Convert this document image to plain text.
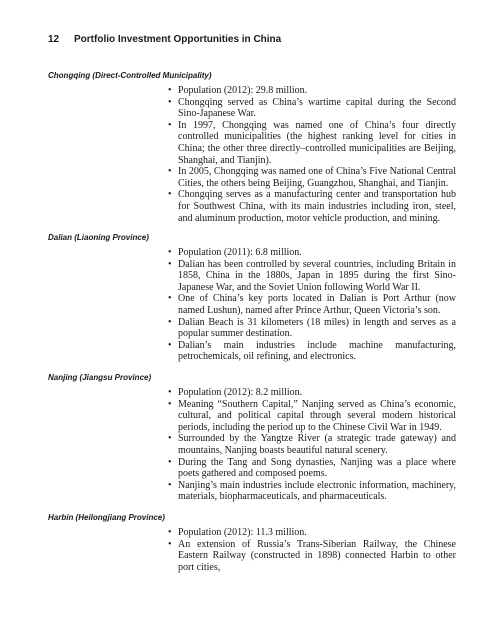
12 Portfolio Investment Opportunities in China
Chongqing (Direct-Controlled Municipality)
• Population (2012): 29.8 million.
• Chongqing served as China’s wartime capital during the Second Sino-Japanese War.
• In 1997, Chongqing was named one of China’s four directly controlled municipalities (the highest ranking level for cities in China; the other three directly–controlled municipalities are Beijing, Shanghai, and Tianjin).
• In 2005, Chongqing was named one of China’s Five National Central Cities, the others being Beijing, Guangzhou, Shanghai, and Tianjin.
• Chongqing serves as a manufacturing center and transportation hub for Southwest China, with its main industries including iron, steel, and aluminum production, motor vehicle production, and mining.
Dalian (Liaoning Province)
• Population (2011): 6.8 million.
• Dalian has been controlled by several countries, including Britain in 1858, China in the 1880s, Japan in 1895 during the first Sino-Japanese War, and the Soviet Union following World War II.
• One of China’s key ports located in Dalian is Port Arthur (now named Lushun), named after Prince Arthur, Queen Victoria’s son.
• Dalian Beach is 31 kilometers (18 miles) in length and serves as a popular summer destination.
• Dalian’s main industries include machine manufacturing, petrochemicals, oil refining, and electronics.
Nanjing (Jiangsu Province)
• Population (2012): 8.2 million.
• Meaning “Southern Capital,” Nanjing served as China’s economic, cultural, and political capital through several modern historical periods, including the period up to the Chinese Civil War in 1949.
• Surrounded by the Yangtze River (a strategic trade gateway) and mountains, Nanjing boasts beautiful natural scenery.
• During the Tang and Song dynasties, Nanjing was a place where poets gathered and composed poems.
• Nanjing’s main industries include electronic information, machinery, materials, biopharmaceuticals, and pharmaceuticals.
Harbin (Heilongjiang Province)
• Population (2012): 11.3 million.
• An extension of Russia’s Trans-Siberian Railway, the Chinese Eastern Railway (constructed in 1898) connected Harbin to other port cities,
